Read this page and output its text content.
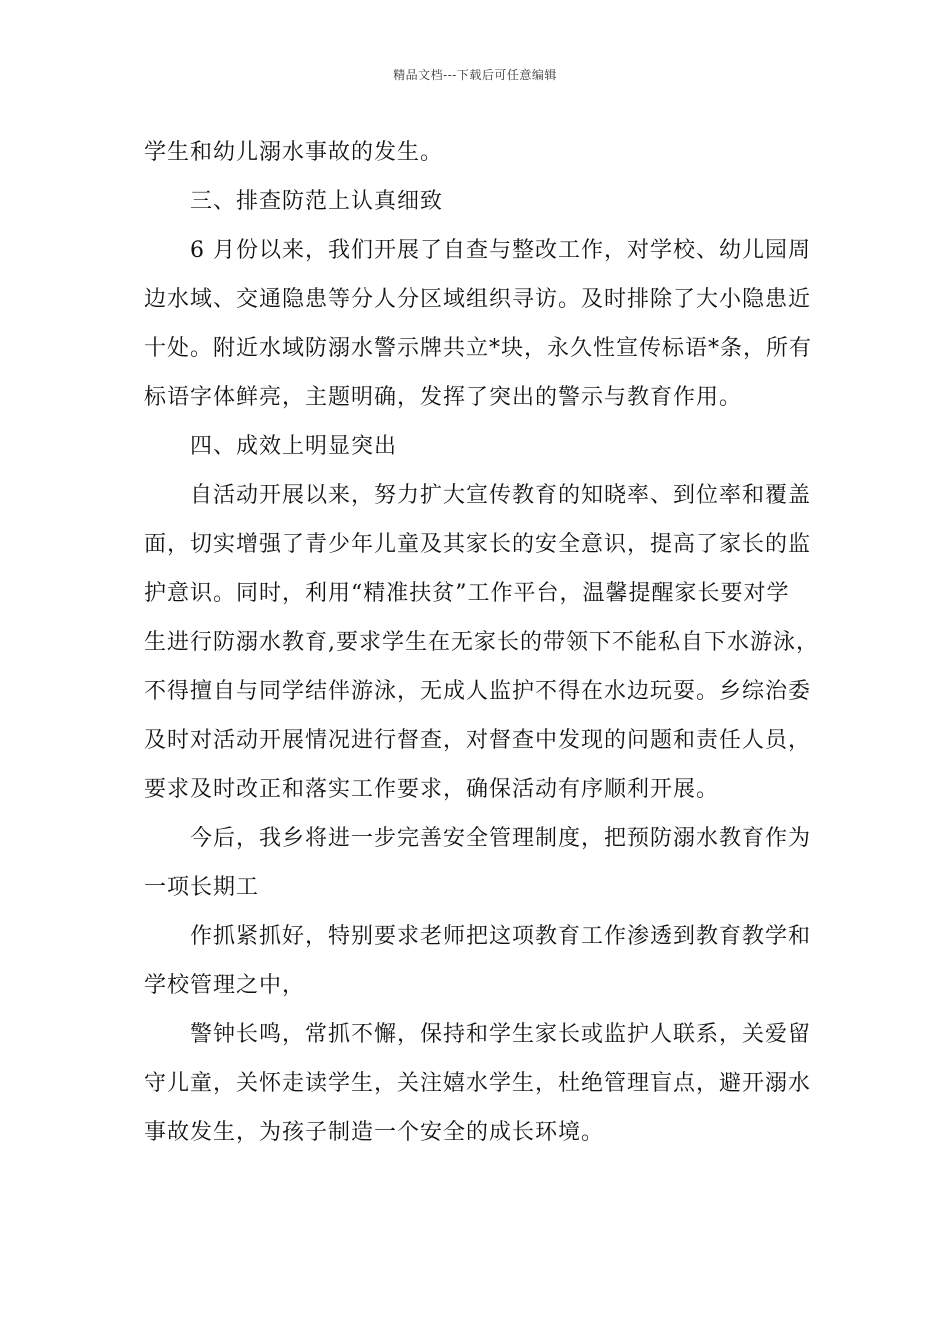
精品文档---下载后可任意编辑

学生和幼儿溺水事故的发生。

三、排查防范上认真细致

6 月份以来，我们开展了自查与整改工作，对学校、幼儿园周

边水域、交通隐患等分人分区域组织寻访。及时排除了大小隐患近

十处。附近水域防溺水警示牌共立*块，永久性宣传标语*条，所有

标语字体鲜亮，主题明确，发挥了突出的警示与教育作用。

四、成效上明显突出

自活动开展以来，努力扩大宣传教育的知晓率、到位率和覆盖

面，切实增强了青少年儿童及其家长的安全意识，提高了家长的监

护意识。同时，利用“精准扶贫”工作平台，温馨提醒家长要对学

生进行防溺水教育,要求学生在无家长的带领下不能私自下水游泳，

不得擅自与同学结伴游泳，无成人监护不得在水边玩耍。乡综治委

及时对活动开展情况进行督查，对督查中发现的问题和责任人员，

要求及时改正和落实工作要求，确保活动有序顺利开展。

今后，我乡将进一步完善安全管理制度，把预防溺水教育作为

一项长期工

作抓紧抓好，特别要求老师把这项教育工作渗透到教育教学和

学校管理之中，

警钟长鸣，常抓不懈，保持和学生家长或监护人联系，关爱留

守儿童，关怀走读学生，关注嬉水学生，杜绝管理盲点，避开溺水

事故发生，为孩子制造一个安全的成长环境。
